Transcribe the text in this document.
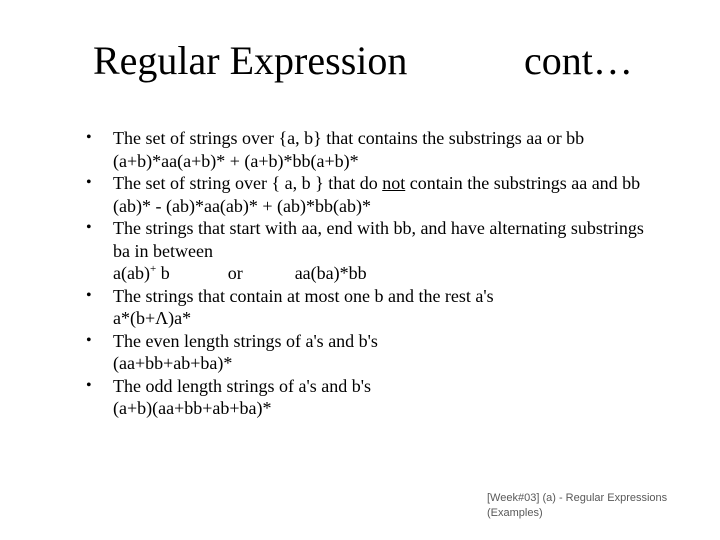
Regular Expression	cont…
• The set of strings over {a, b} that contains the substrings aa or bb
(a+b)*aa(a+b)* + (a+b)*bb(a+b)*
• The set of string over { a, b } that do not contain the substrings aa and bb
(ab)* - (ab)*aa(ab)* + (ab)*bb(ab)*
• The strings that start with aa, end with bb, and have alternating substrings
ba in between
a(ab)+ b	or	aa(ba)*bb
• The strings that contain at most one b and the rest a's
a*(b+Λ)a*
• The even length strings of a's and b's
(aa+bb+ab+ba)*
• The odd length strings of a's and b's
(a+b)(aa+bb+ab+ba)*
[Week#03] (a) - Regular Expressions
(Examples)
